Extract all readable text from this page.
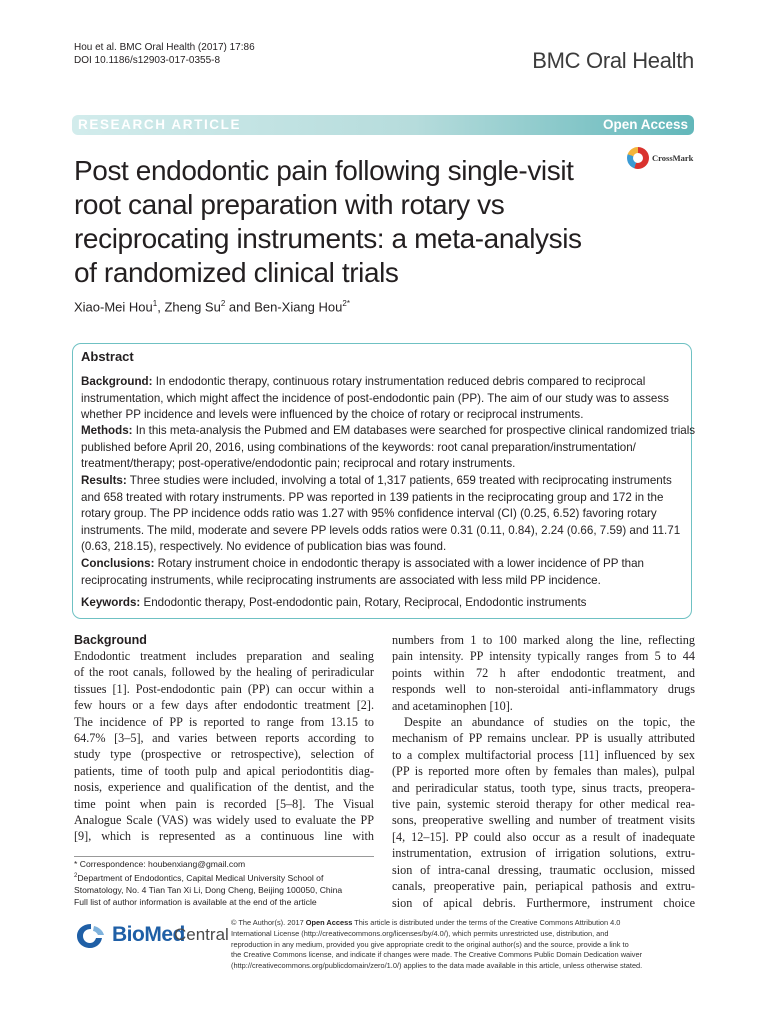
Hou et al. BMC Oral Health (2017) 17:86
DOI 10.1186/s12903-017-0355-8	BMC Oral Health
RESEARCH ARTICLE	Open Access
Post endodontic pain following single-visit
root canal preparation with rotary vs
reciprocating instruments: a meta-analysis
of randomized clinical trials
CrossMark
Xiao-Mei Hou$^1$, Zheng Su$^2$ and Ben-Xiang Hou$^{2*}$
Abstract
Background: In endodontic therapy, continuous rotary instrumentation reduced debris compared to reciprocal
instrumentation, which might affect the incidence of post-endodontic pain (PP). The aim of our study was to assess
whether PP incidence and levels were influenced by the choice of rotary or reciprocal instruments.
Methods: In this meta-analysis the Pubmed and EM databases were searched for prospective clinical randomized trials
published before April 20, 2016, using combinations of the keywords: root canal preparation/instrumentation/
treatment/therapy; post-operative/endodontic pain; reciprocal and rotary instruments.
Results: Three studies were included, involving a total of 1,317 patients, 659 treated with reciprocating instruments
and 658 treated with rotary instruments. PP was reported in 139 patients in the reciprocating group and 172 in the
rotary group. The PP incidence odds ratio was 1.27 with 95% confidence interval (CI) (0.25, 6.52) favoring rotary
instruments. The mild, moderate and severe PP levels odds ratios were 0.31 (0.11, 0.84), 2.24 (0.66, 7.59) and 11.71
(0.63, 218.15), respectively. No evidence of publication bias was found.
Conclusions: Rotary instrument choice in endodontic therapy is associated with a lower incidence of PP than
reciprocating instruments, while reciprocating instruments are associated with less mild PP incidence.
Keywords: Endodontic therapy, Post-endodontic pain, Rotary, Reciprocal, Endodontic instruments
Background
Endodontic treatment includes preparation and sealing
of the root canals, followed by the healing of periradicular
tissues [1]. Post-endodontic pain (PP) can occur within a
few hours or a few days after endodontic treatment [2].
The incidence of PP is reported to range from 13.15 to
64.7% [3–5], and varies between reports according to
study type (prospective or retrospective), selection of
patients, time of tooth pulp and apical periodontitis diag-
nosis, experience and qualification of the dentist, and the
time point when pain is recorded [5–8]. The Visual
Analogue Scale (VAS) was widely used to evaluate the PP
[9], which is represented as a continuous line with
numbers from 1 to 100 marked along the line, reflecting
pain intensity. PP intensity typically ranges from 5 to 44
points within 72 h after endodontic treatment, and
responds well to non-steroidal anti-inflammatory drugs
and acetaminophen [10].
Despite an abundance of studies on the topic, the
mechanism of PP remains unclear. PP is usually attributed
to a complex multifactorial process [11] influenced by sex
(PP is reported more often by females than males), pulpal
and periradicular status, tooth type, sinus tracts, preopera-
tive pain, systemic steroid therapy for other medical rea-
sons, preoperative swelling and number of treatment visits
[4, 12–15]. PP could also occur as a result of inadequate
instrumentation, extrusion of irrigation solutions, extru-
sion of intra-canal dressing, traumatic occlusion, missed
canals, preoperative pain, periapical pathosis and extru-
sion of apical debris. Furthermore, instrument choice
* Correspondence: houbenxiang@gmail.com
$^2$Department of Endodontics, Capital Medical University School of
Stomatology, No. 4 Tian Tan Xi Li, Dong Cheng, Beijing 100050, China
Full list of author information is available at the end of the article
BioMed
Central
© The Author(s). 2017 Open Access This article is distributed under the terms of the Creative Commons Attribution 4.0
International License (http://creativecommons.org/licenses/by/4.0/), which permits unrestricted use, distribution, and
reproduction in any medium, provided you give appropriate credit to the original author(s) and the source, provide a link to
the Creative Commons license, and indicate if changes were made. The Creative Commons Public Domain Dedication waiver
(http://creativecommons.org/publicdomain/zero/1.0/) applies to the data made available in this article, unless otherwise stated.
